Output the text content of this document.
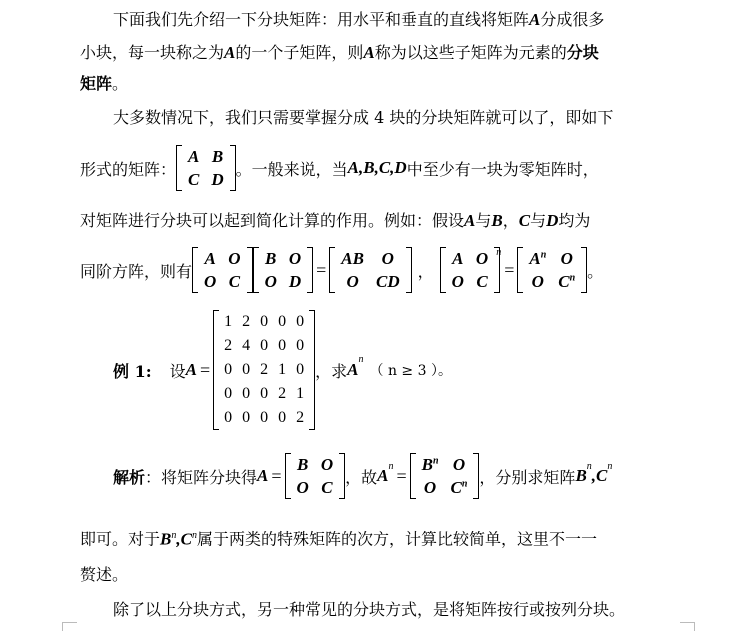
下面我们先介绍一下分块矩阵：用水平和垂直的直线将矩阵A分成很多
小块，每一块称之为A的一个子矩阵，则A称为以这些子矩阵为元素的分块
矩阵。
大多数情况下，我们只需要掌握分成 4 块的分块矩阵就可以了，即如下
形式的矩阵：
A	B
C	D
。一般来说，当 A,B,C,D 中至少有一块为零矩阵时，
对矩阵进行分块可以起到简化计算的作用。例如：假设A与B，C与D均为
同阶方阵，则有
A	O
O	C
B	O
O	D
=
AB	O
O	CD
，
A	O
O	C
n
=
$A^n$	O
O	$C^n$ 。
例 1: 设 A =
1	2	0	0	0
2	4	0	0	0
0	0	2	1	0
0	0	0	2	1
0	0	0	0	2
，求 A
n
（ n ≥ 3 ）。
解析 ：将矩阵分块得 A =
B	O
O	C
，故 A n =
$B^n$	O
O	$C^n$ ，分别求矩阵 B n , C n
即可。对于$B^n,C^n$属于两类的特殊矩阵的次方，计算比较简单，这里不一一
赘述。
除了以上分块方式，另一种常见的分块方式，是将矩阵按行或按列分块。
